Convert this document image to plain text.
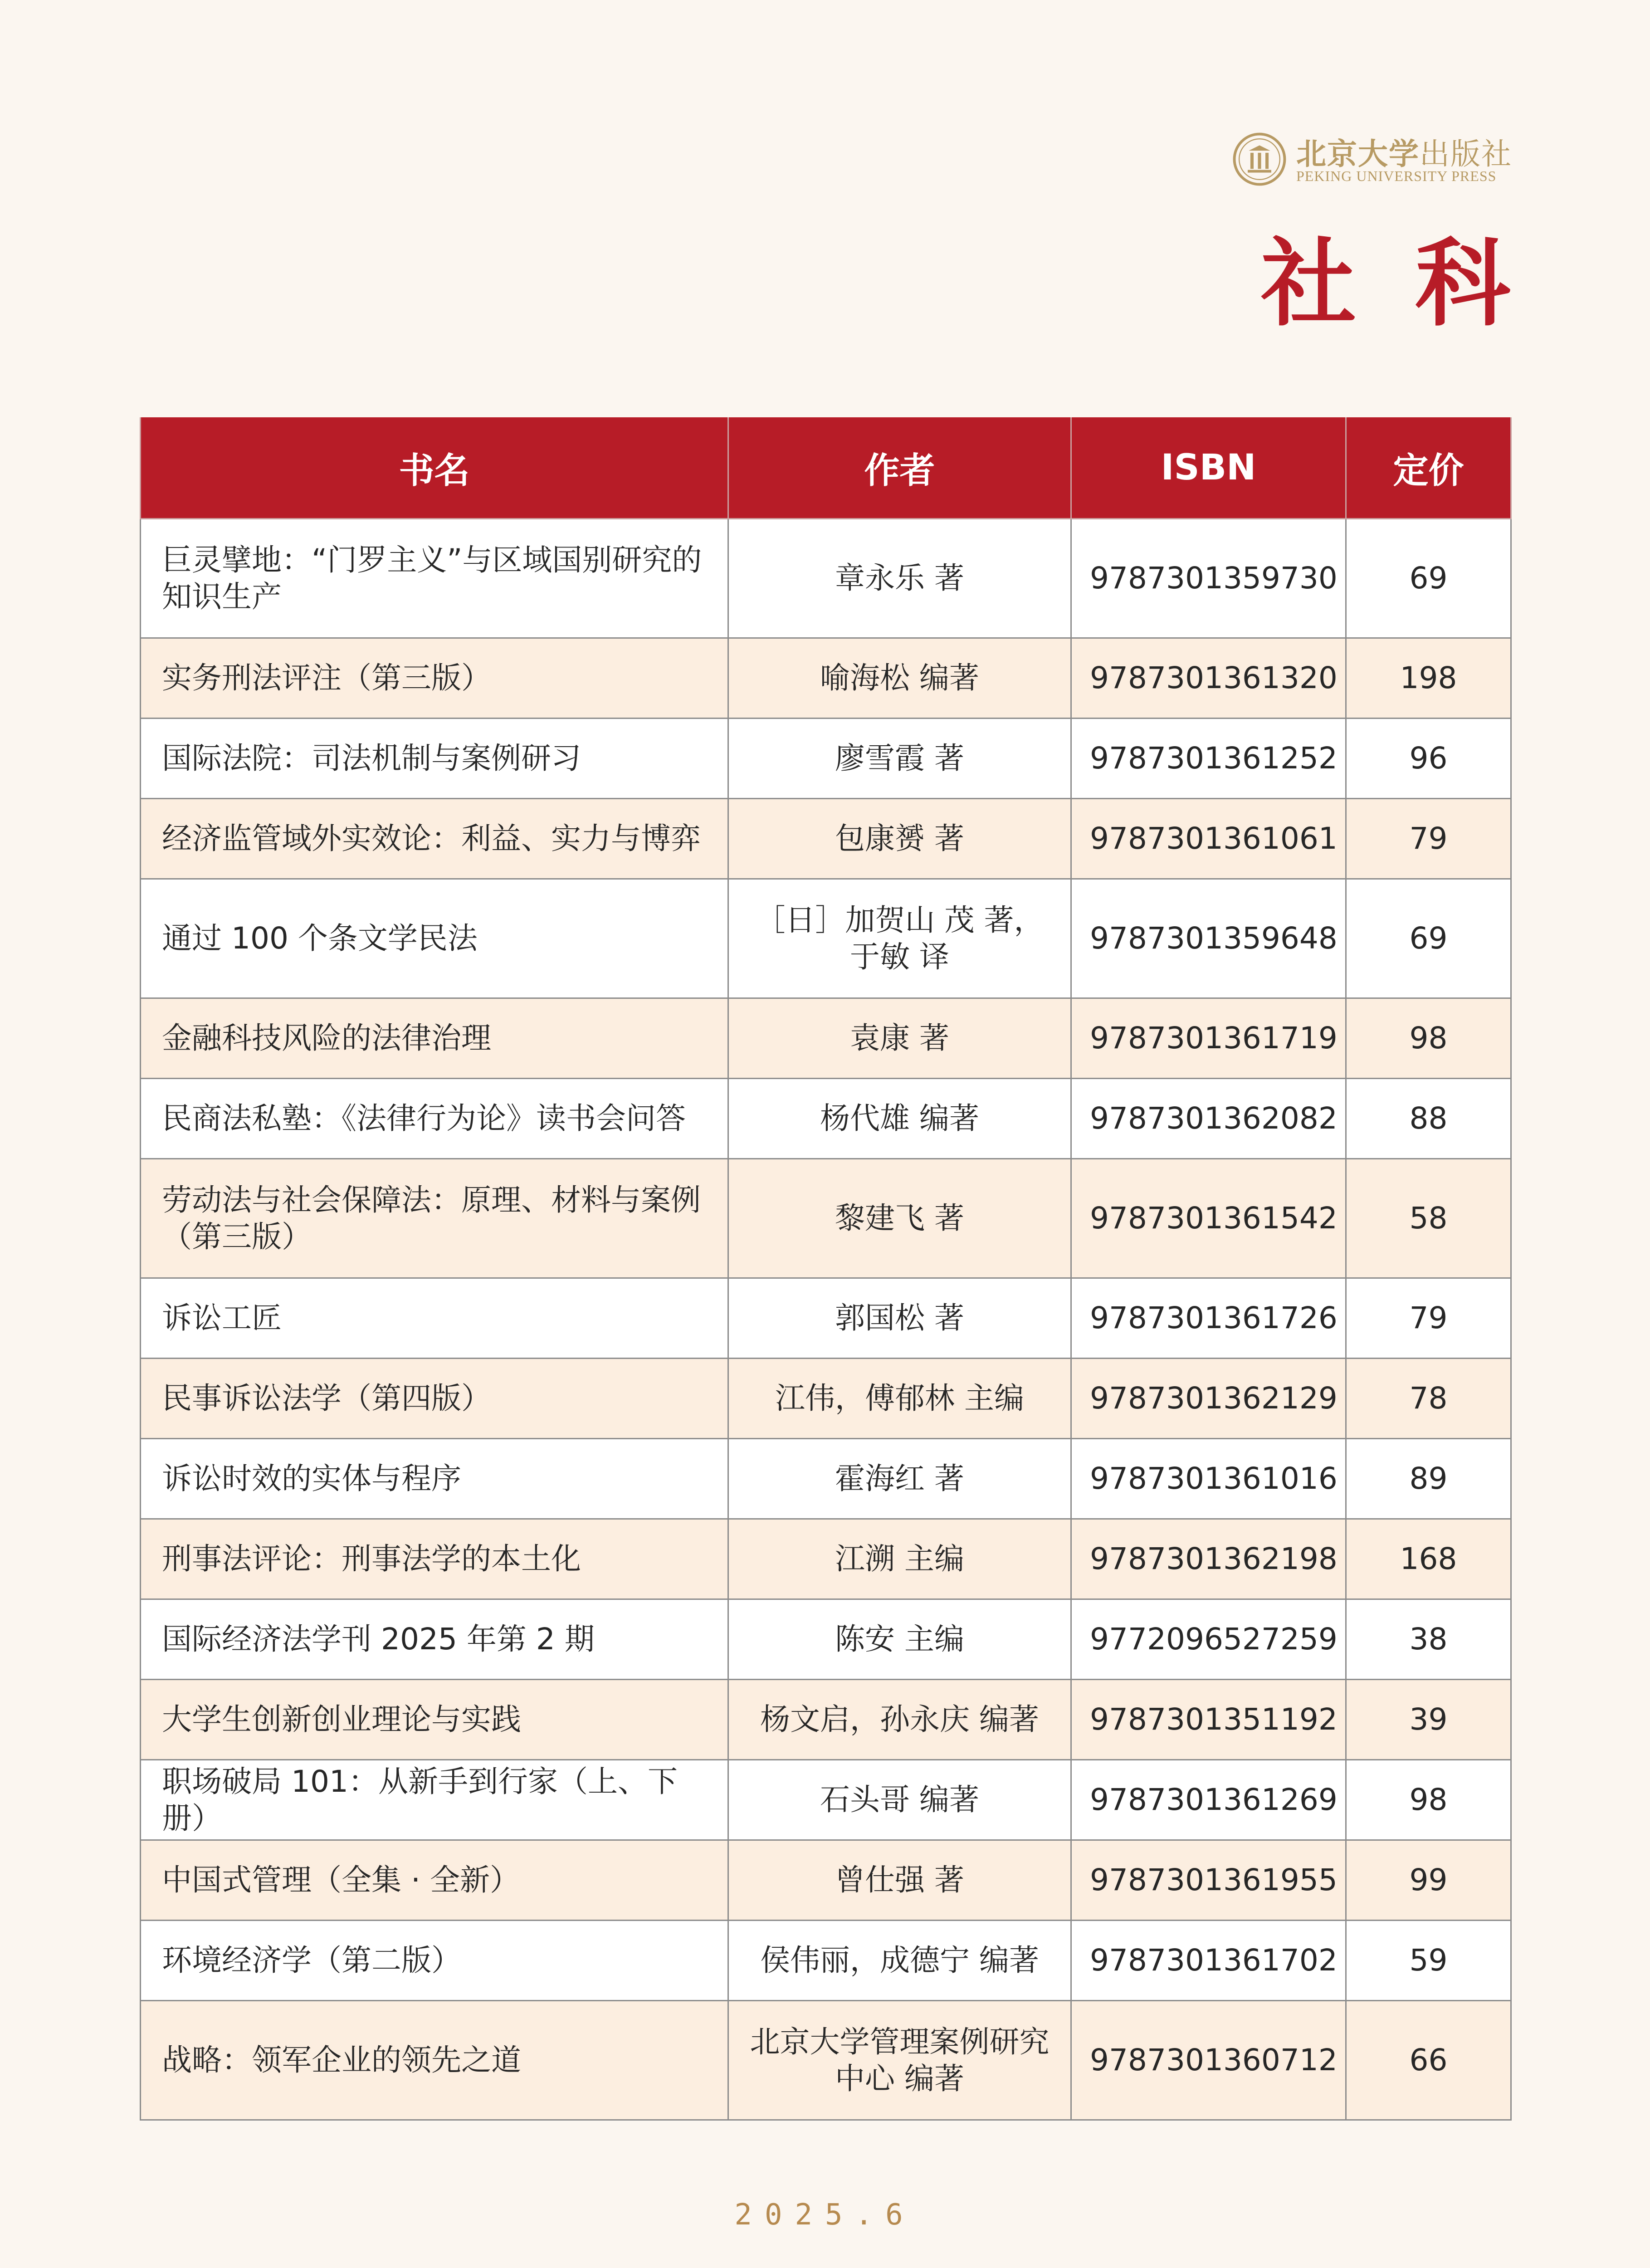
北京大学出版社
PEKING UNIVERSITY PRESS
社科
书名	作者	ISBN	定价
巨灵擘地：“门罗主义”与区域国别研究的知识生产	章永乐 著	9787301359730	69
实务刑法评注（第三版）	喻海松 编著	9787301361320	198
国际法院：司法机制与案例研习	廖雪霞 著	9787301361252	96
经济监管域外实效论：利益、实力与博弈	包康赟 著	9787301361061	79
通过 100 个条文学民法	［日］加贺山 茂 著，于敏 译	9787301359648	69
金融科技风险的法律治理	袁康 著	9787301361719	98
民商法私塾：《法律行为论》读书会问答	杨代雄 编著	9787301362082	88
劳动法与社会保障法：原理、材料与案例（第三版）	黎建飞 著	9787301361542	58
诉讼工匠	郭国松 著	9787301361726	79
民事诉讼法学（第四版）	江伟，傅郁林 主编	9787301362129	78
诉讼时效的实体与程序	霍海红 著	9787301361016	89
刑事法评论：刑事法学的本土化	江溯 主编	9787301362198	168
国际经济法学刊 2025 年第 2 期	陈安 主编	9772096527259	38
大学生创新创业理论与实践	杨文启，孙永庆 编著	9787301351192	39
职场破局 101：从新手到行家（上、下册）	石头哥 编著	9787301361269	98
中国式管理（全集 · 全新）	曾仕强 著	9787301361955	99
环境经济学（第二版）	侯伟丽，成德宁 编著	9787301361702	59
战略：领军企业的领先之道	北京大学管理案例研究中心 编著	9787301360712	66
2025.6
